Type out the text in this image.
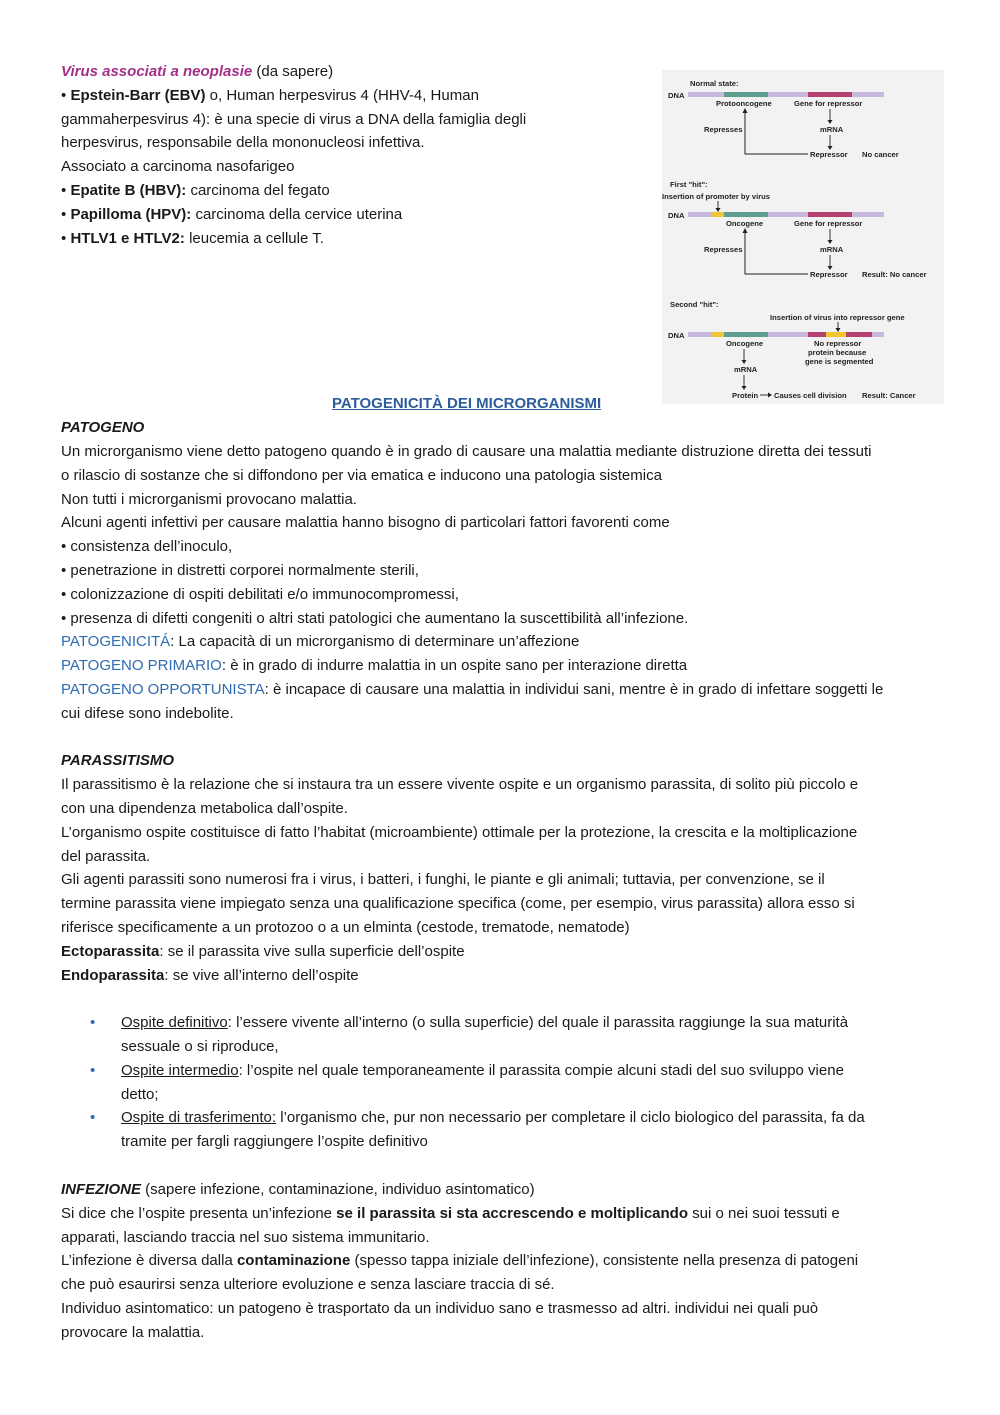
Normal state:
DNA
Protooncogene	Gene for repressor
Represses	mRNA
Repressor No cancer
First "hit":
Insertion of promoter by virus
DNA
Oncogene	Gene for repressor
Represses	mRNA
Repressor Result: No cancer
Second "hit":
Insertion of virus into repressor gene
DNA
Oncogene	No repressor
protein because
gene is segmented
mRNA
Protein Causes cell division Result: Cancer
Virus associati a neoplasie (da sapere)
• Epstein-Barr (EBV) o, Human herpesvirus 4 (HHV-4, Human
gammaherpesvirus 4): è una specie di virus a DNA della famiglia degli
herpesvirus, responsabile della mononucleosi infettiva.
Associato a carcinoma nasofarigeo
• Epatite B (HBV): carcinoma del fegato
• Papilloma (HPV): carcinoma della cervice uterina
• HTLV1 e HTLV2: leucemia a cellule T.
PATOGENICITÀ DEI MICRORGANISMI
PATOGENO
Un microrganismo viene detto patogeno quando è in grado di causare una malattia mediante distruzione diretta dei tessuti
o rilascio di sostanze che si diffondono per via ematica e inducono una patologia sistemica
Non tutti i microrganismi provocano malattia.
Alcuni agenti infettivi per causare malattia hanno bisogno di particolari fattori favorenti come
• consistenza dell’inoculo,
• penetrazione in distretti corporei normalmente sterili,
• colonizzazione di ospiti debilitati e/o immunocompromessi,
• presenza di difetti congeniti o altri stati patologici che aumentano la suscettibilità all’infezione.
PATOGENICITÁ: La capacità di un microrganismo di determinare un’affezione
PATOGENO PRIMARIO: è in grado di indurre malattia in un ospite sano per interazione diretta
PATOGENO OPPORTUNISTA: è incapace di causare una malattia in individui sani, mentre è in grado di infettare soggetti le
cui difese sono indebolite.
PARASSITISMO
Il parassitismo è la relazione che si instaura tra un essere vivente ospite e un organismo parassita, di solito più piccolo e
con una dipendenza metabolica dall’ospite.
L’organismo ospite costituisce di fatto l’habitat (microambiente) ottimale per la protezione, la crescita e la moltiplicazione
del parassita.
Gli agenti parassiti sono numerosi fra i virus, i batteri, i funghi, le piante e gli animali; tuttavia, per convenzione, se il
termine parassita viene impiegato senza una qualificazione specifica (come, per esempio, virus parassita) allora esso si
riferisce specificamente a un protozoo o a un elminta (cestode, trematode, nematode)
Ectoparassita: se il parassita vive sulla superficie dell’ospite
Endoparassita: se vive all’interno dell’ospite
• Ospite definitivo: l’essere vivente all’interno (o sulla superficie) del quale il parassita raggiunge la sua maturità
sessuale o si riproduce,
• Ospite intermedio: l’ospite nel quale temporaneamente il parassita compie alcuni stadi del suo sviluppo viene
detto;
• Ospite di trasferimento: l’organismo che, pur non necessario per completare il ciclo biologico del parassita, fa da
tramite per fargli raggiungere l’ospite definitivo
INFEZIONE (sapere infezione, contaminazione, individuo asintomatico)
Si dice che l’ospite presenta un’infezione se il parassita si sta accrescendo e moltiplicando sui o nei suoi tessuti e
apparati, lasciando traccia nel suo sistema immunitario.
L’infezione è diversa dalla contaminazione (spesso tappa iniziale dell’infezione), consistente nella presenza di patogeni
che può esaurirsi senza ulteriore evoluzione e senza lasciare traccia di sé.
Individuo asintomatico: un patogeno è trasportato da un individuo sano e trasmesso ad altri. individui nei quali può
provocare la malattia.
